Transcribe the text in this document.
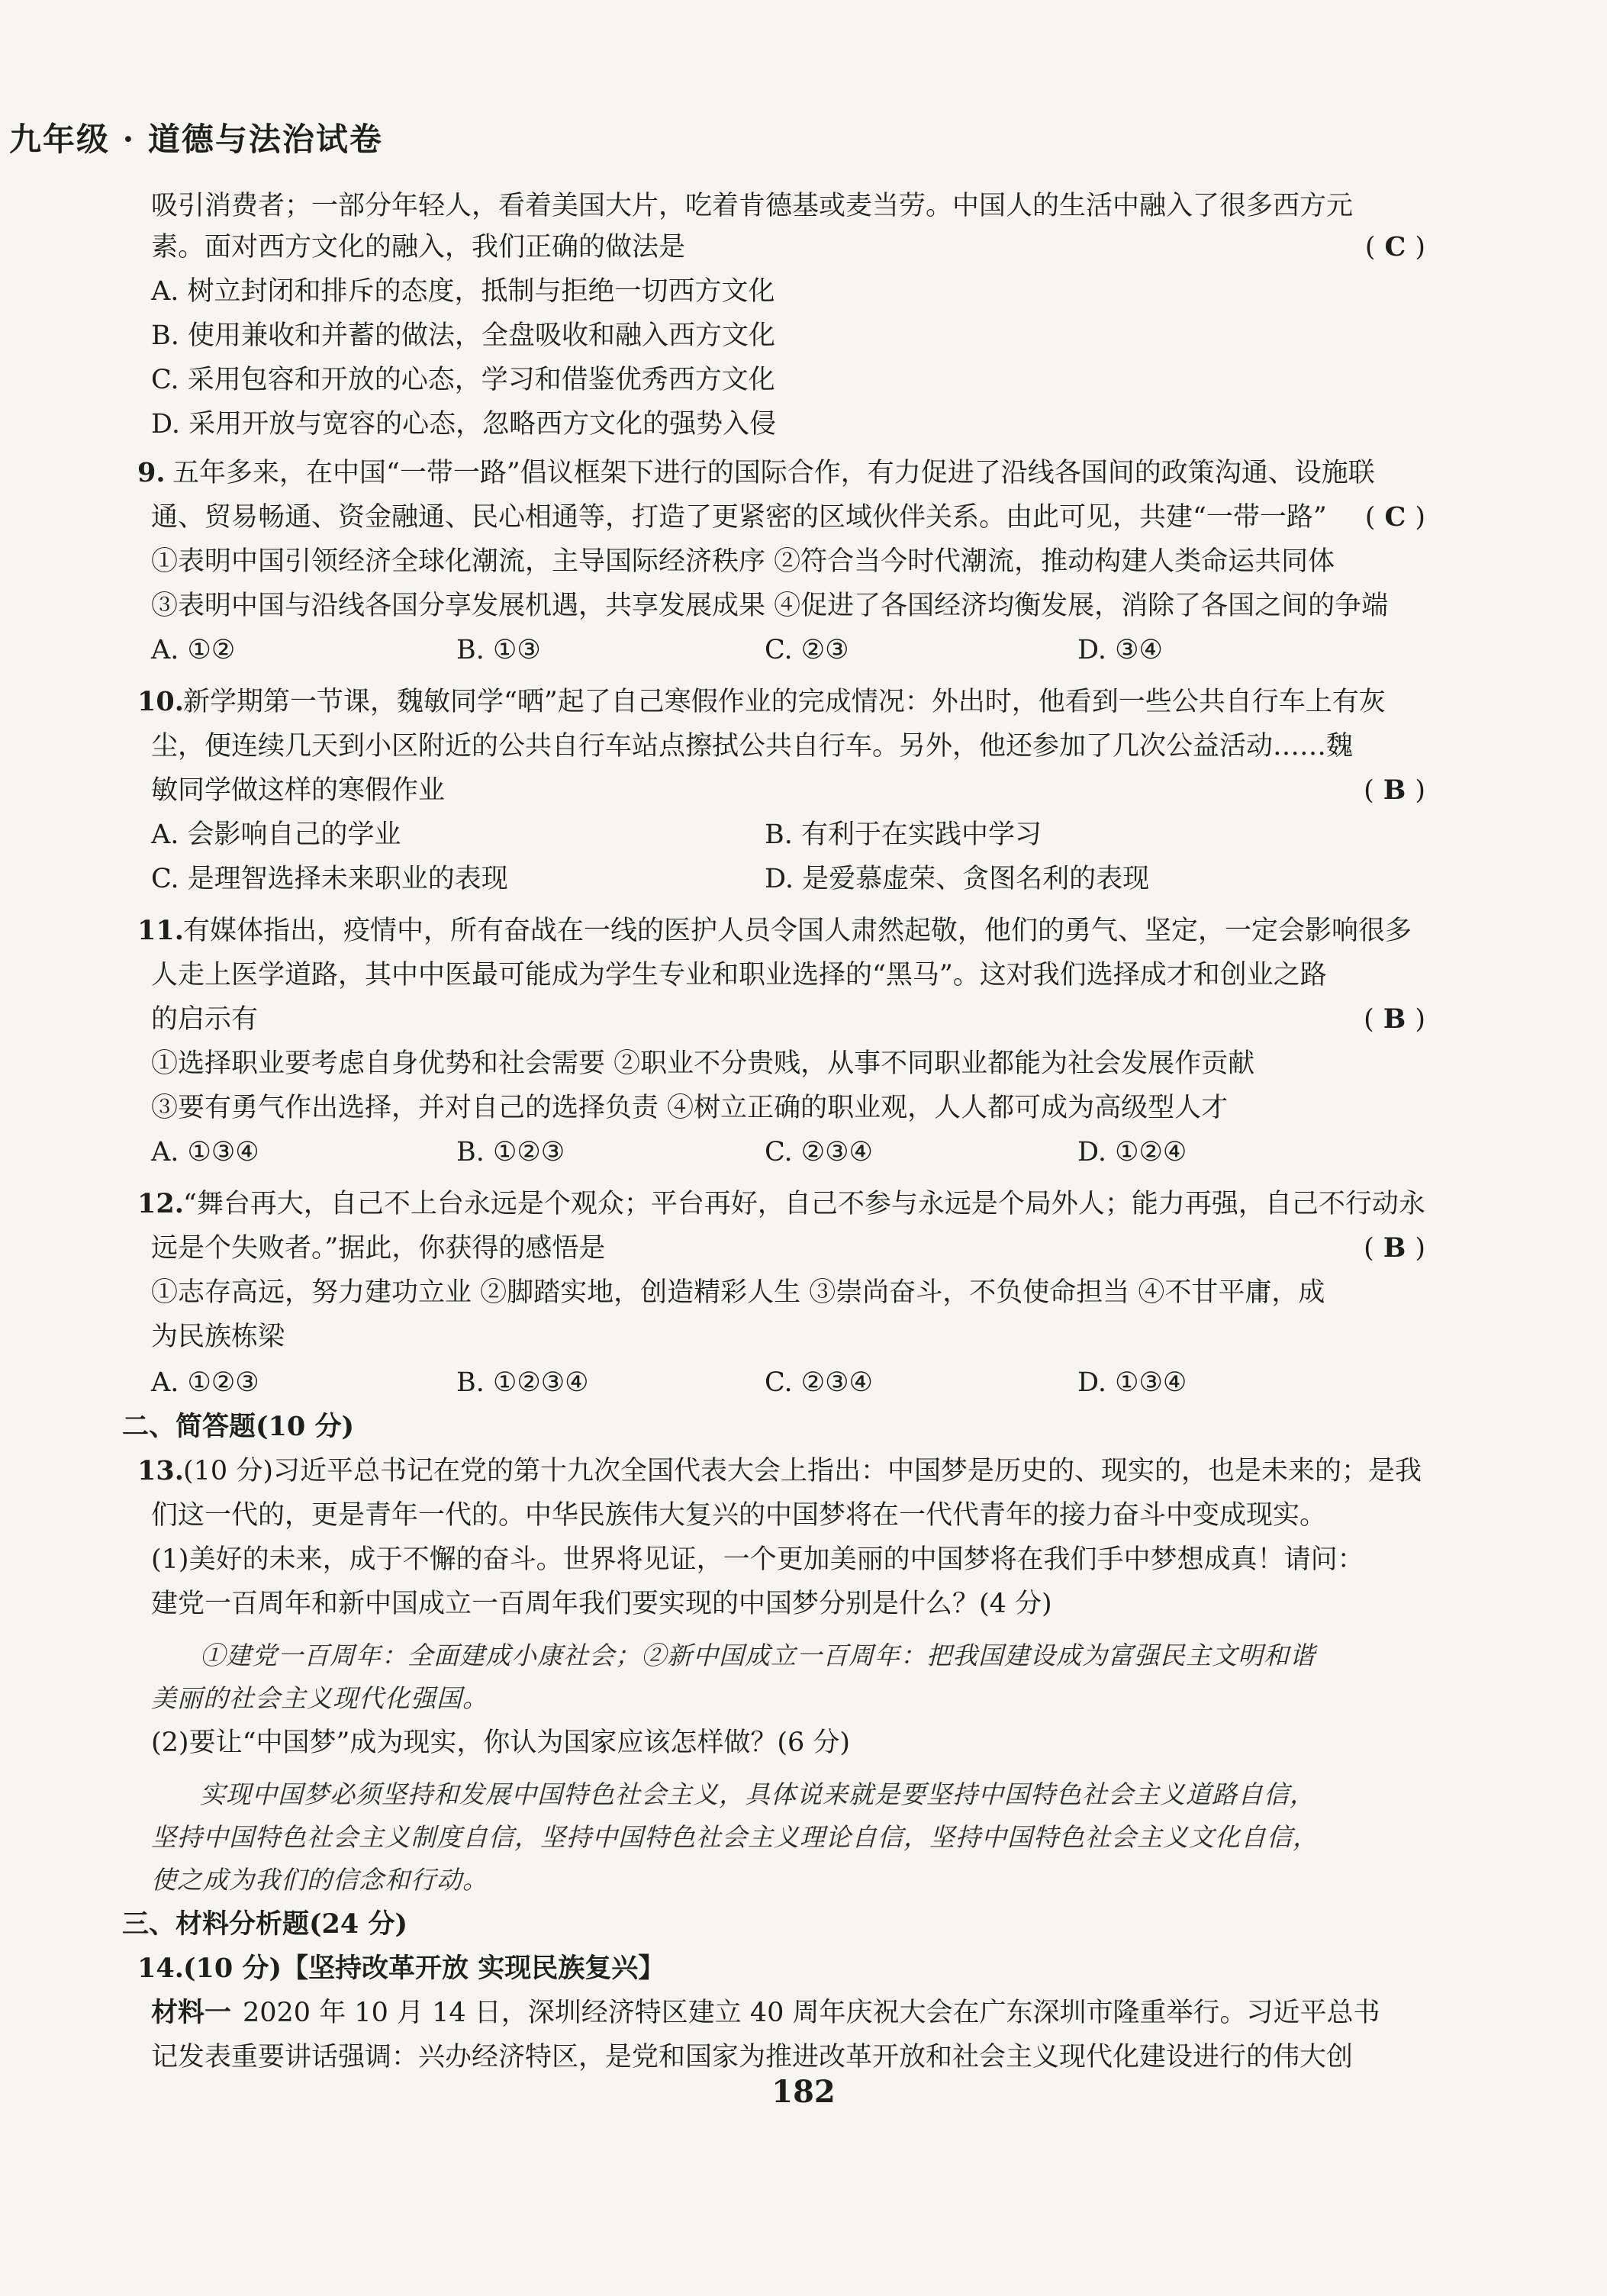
九年级 · 道德与法治试卷
吸引消费者；一部分年轻人，看着美国大片，吃着肯德基或麦当劳。中国人的生活中融入了很多西方元
素。面对西方文化的融入，我们正确的做法是	( C )
A. 树立封闭和排斥的态度，抵制与拒绝一切西方文化
B. 使用兼收和并蓄的做法，全盘吸收和融入西方文化
C. 采用包容和开放的心态，学习和借鉴优秀西方文化
D. 采用开放与宽容的心态，忽略西方文化的强势入侵
9. 五年多来，在中国“一带一路”倡议框架下进行的国际合作，有力促进了沿线各国间的政策沟通、设施联
通、贸易畅通、资金融通、民心相通等，打造了更紧密的区域伙伴关系。由此可见，共建“一带一路” ( C )
①表明中国引领经济全球化潮流，主导国际经济秩序 ②符合当今时代潮流，推动构建人类命运共同体
③表明中国与沿线各国分享发展机遇，共享发展成果 ④促进了各国经济均衡发展，消除了各国之间的争端
A. ①②	B. ①③	C. ②③	D. ③④
10. 新学期第一节课，魏敏同学“晒”起了自己寒假作业的完成情况：外出时，他看到一些公共自行车上有灰
尘，便连续几天到小区附近的公共自行车站点擦拭公共自行车。另外，他还参加了几次公益活动……魏
敏同学做这样的寒假作业	( B )
A. 会影响自己的学业	B. 有利于在实践中学习
C. 是理智选择未来职业的表现	D. 是爱慕虚荣、贪图名利的表现
11. 有媒体指出，疫情中，所有奋战在一线的医护人员令国人肃然起敬，他们的勇气、坚定，一定会影响很多
人走上医学道路，其中中医最可能成为学生专业和职业选择的“黑马”。这对我们选择成才和创业之路
的启示有	( B )
①选择职业要考虑自身优势和社会需要 ②职业不分贵贱，从事不同职业都能为社会发展作贡献
③要有勇气作出选择，并对自己的选择负责 ④树立正确的职业观，人人都可成为高级型人才
A. ①③④	B. ①②③	C. ②③④	D. ①②④
12. “舞台再大，自己不上台永远是个观众；平台再好，自己不参与永远是个局外人；能力再强，自己不行动永
远是个失败者。”据此，你获得的感悟是	( B )
①志存高远，努力建功立业 ②脚踏实地，创造精彩人生 ③崇尚奋斗，不负使命担当 ④不甘平庸，成
为民族栋梁
A. ①②③	B. ①②③④	C. ②③④	D. ①③④
二、简答题(10 分)
13. (10 分)习近平总书记在党的第十九次全国代表大会上指出：中国梦是历史的、现实的，也是未来的；是我
们这一代的，更是青年一代的。中华民族伟大复兴的中国梦将在一代代青年的接力奋斗中变成现实。
(1)美好的未来，成于不懈的奋斗。世界将见证，一个更加美丽的中国梦将在我们手中梦想成真！请问：
建党一百周年和新中国成立一百周年我们要实现的中国梦分别是什么？(4 分)
①建党一百周年：全面建成小康社会；②新中国成立一百周年：把我国建设成为富强民主文明和谐
美丽的社会主义现代化强国。
(2)要让“中国梦”成为现实，你认为国家应该怎样做？(6 分)
实现中国梦必须坚持和发展中国特色社会主义，具体说来就是要坚持中国特色社会主义道路自信，
坚持中国特色社会主义制度自信，坚持中国特色社会主义理论自信，坚持中国特色社会主义文化自信，
使之成为我们的信念和行动。
三、材料分析题(24 分)
14. (10 分)【坚持改革开放 实现民族复兴】
材料一 2020 年 10 月 14 日，深圳经济特区建立 40 周年庆祝大会在广东深圳市隆重举行。习近平总书
记发表重要讲话强调：兴办经济特区，是党和国家为推进改革开放和社会主义现代化建设进行的伟大创
182
